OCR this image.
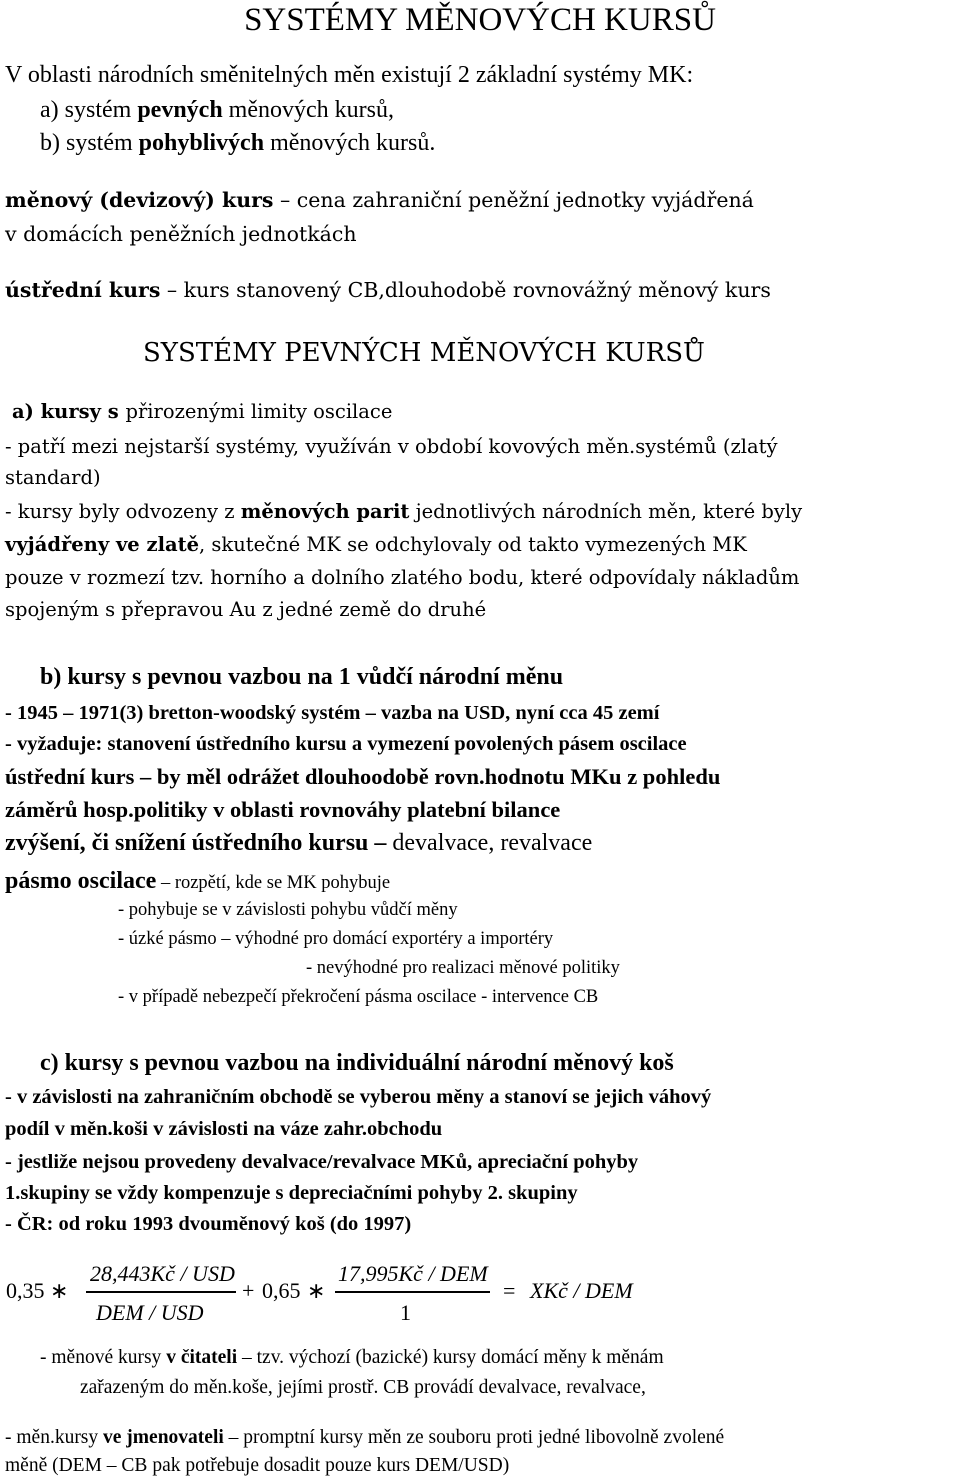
SYSTÉMY MĚNOVÝCH KURSŮ
V oblasti národních směnitelných měn existují 2 základní systémy MK:
a) systém pevných měnových kursů,
b) systém pohyblivých měnových kursů.
měnový (devizový) kurs – cena zahraniční peněžní jednotky vyjádřená
v domácích peněžních jednotkách
ústřední kurs – kurs stanovený CB,dlouhodobě rovnovážný měnový kurs
SYSTÉMY PEVNÝCH MĚNOVÝCH KURSŮ
a) kursy s přirozenými limity oscilace
- patří mezi nejstarší systémy, využíván v období kovových měn.systémů (zlatý
standard)
- kursy byly odvozeny z měnových parit jednotlivých národních měn, které byly
vyjádřeny ve zlatě, skutečné MK se odchylovaly od takto vymezených MK
pouze v rozmezí tzv. horního a dolního zlatého bodu, které odpovídaly nákladům
spojeným s přepravou Au z jedné země do druhé
b) kursy s pevnou vazbou na 1 vůdčí národní měnu
- 1945 – 1971(3) bretton-woodský systém – vazba na USD, nyní cca 45 zemí
- vyžaduje: stanovení ústředního kursu a vymezení povolených pásem oscilace
ústřední kurs – by měl odrážet dlouhoodobě rovn.hodnotu MKu z pohledu
záměrů hosp.politiky v oblasti rovnováhy platební bilance
zvýšení, či snížení ústředního kursu – devalvace, revalvace
pásmo oscilace – rozpětí, kde se MK pohybuje
- pohybuje se v závislosti pohybu vůdčí měny
- úzké pásmo – výhodné pro domácí exportéry a importéry
- nevýhodné pro realizaci měnové politiky
- v případě nebezpečí překročení pásma oscilace - intervence CB
c) kursy s pevnou vazbou na individuální národní měnový koš
- v závislosti na zahraničním obchodě se vyberou měny a stanoví se jejich váhový
podíl v měn.koši v závislosti na váze zahr.obchodu
- jestliže nejsou provedeny devalvace/revalvace MKů, apreciační pohyby
1.skupiny se vždy kompenzuje s depreciačními pohyby 2. skupiny
- ČR: od roku 1993 dvouměnový koš (do 1997)
0,35 ∗
28,443Kč / USD
DEM / USD
+ 0,65 ∗
17,995Kč / DEM
1
= XKč / DEM
- měnové kursy v čitateli – tzv. výchozí (bazické) kursy domácí měny k měnám
zařazeným do měn.koše, jejími prostř. CB provádí devalvace, revalvace,
- měn.kursy ve jmenovateli – promptní kursy měn ze souboru proti jedné libovolně zvolené
měně (DEM – CB pak potřebuje dosadit pouze kurs DEM/USD)
